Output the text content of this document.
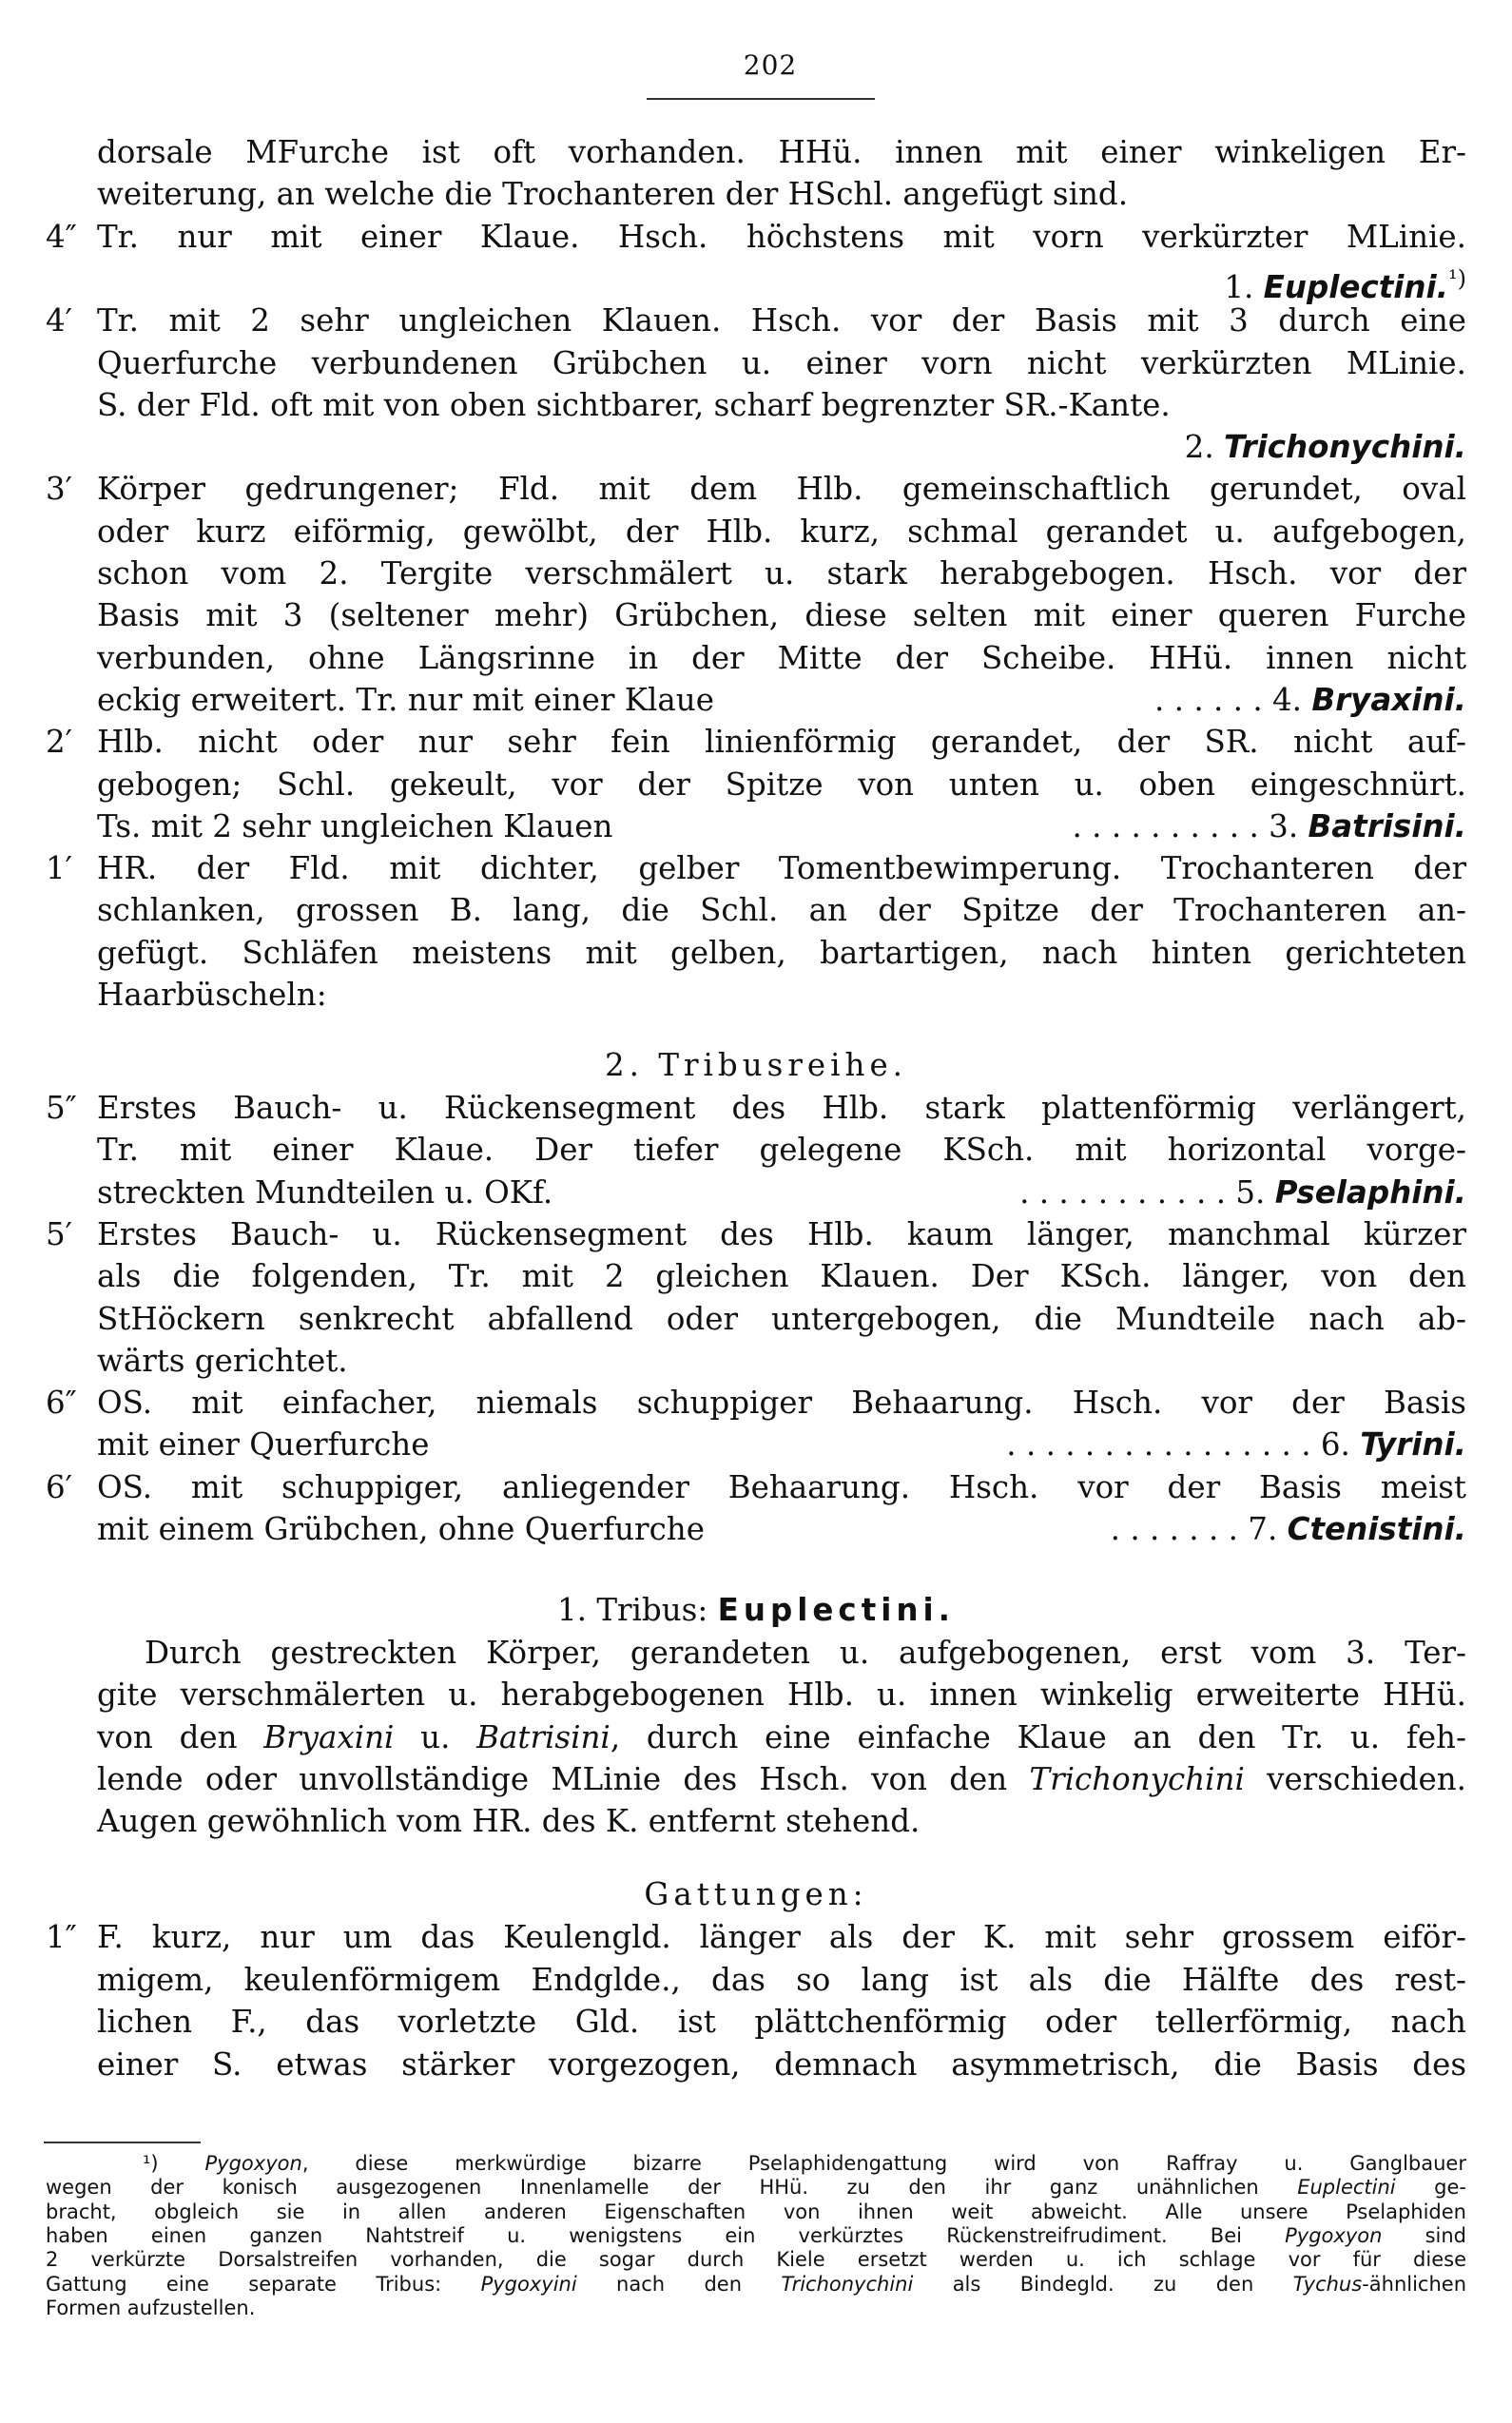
202
dorsale MFurche ist oft vorhanden. HHü. innen mit einer winkeligen Er-
weiterung, an welche die Trochanteren der HSchl. angefügt sind.
4″ Tr. nur mit einer Klaue. Hsch. höchstens mit vorn verkürzter MLinie.
1. Euplectini.$^{^1)}$
4′ Tr. mit 2 sehr ungleichen Klauen. Hsch. vor der Basis mit 3 durch eine
Querfurche verbundenen Grübchen u. einer vorn nicht verkürzten MLinie.
S. der Fld. oft mit von oben sichtbarer, scharf begrenzter SR.-Kante.
2. Trichonychini.
3′ Körper gedrungener; Fld. mit dem Hlb. gemeinschaftlich gerundet, oval
oder kurz eiförmig, gewölbt, der Hlb. kurz, schmal gerandet u. aufgebogen,
schon vom 2. Tergite verschmälert u. stark herabgebogen. Hsch. vor der
Basis mit 3 (seltener mehr) Grübchen, diese selten mit einer queren Furche
verbunden, ohne Längsrinne in der Mitte der Scheibe. HHü. innen nicht
eckig erweitert. Tr. nur mit einer Klaue	. . . . . . 4. Bryaxini.
2′ Hlb. nicht oder nur sehr fein linienförmig gerandet, der SR. nicht auf-
gebogen; Schl. gekeult, vor der Spitze von unten u. oben eingeschnürt.
Ts. mit 2 sehr ungleichen Klauen	. . . . . . . . . . 3. Batrisini.
1′ HR. der Fld. mit dichter, gelber Tomentbewimperung. Trochanteren der
schlanken, grossen B. lang, die Schl. an der Spitze der Trochanteren an-
gefügt. Schläfen meistens mit gelben, bartartigen, nach hinten gerichteten
Haarbüscheln:
2. Tribusreihe.
5″ Erstes Bauch- u. Rückensegment des Hlb. stark plattenförmig verlängert,
Tr. mit einer Klaue. Der tiefer gelegene KSch. mit horizontal vorge-
streckten Mundteilen u. OKf.	. . . . . . . . . . . 5. Pselaphini.
5′ Erstes Bauch- u. Rückensegment des Hlb. kaum länger, manchmal kürzer
als die folgenden, Tr. mit 2 gleichen Klauen. Der KSch. länger, von den
StHöckern senkrecht abfallend oder untergebogen, die Mundteile nach ab-
wärts gerichtet.
6″ OS. mit einfacher, niemals schuppiger Behaarung. Hsch. vor der Basis
mit einer Querfurche	. . . . . . . . . . . . . . . . 6. Tyrini.
6′ OS. mit schuppiger, anliegender Behaarung. Hsch. vor der Basis meist
mit einem Grübchen, ohne Querfurche	. . . . . . . 7. Ctenistini.
1. Tribus: Euplectini.
Durch gestreckten Körper, gerandeten u. aufgebogenen, erst vom 3. Ter-
gite verschmälerten u. herabgebogenen Hlb. u. innen winkelig erweiterte HHü.
von den Bryaxini u. Batrisini, durch eine einfache Klaue an den Tr. u. feh-
lende oder unvollständige MLinie des Hsch. von den Trichonychini verschieden.
Augen gewöhnlich vom HR. des K. entfernt stehend.
Gattungen:
1″ F. kurz, nur um das Keulengld. länger als der K. mit sehr grossem eiför-
migem, keulenförmigem Endglde., das so lang ist als die Hälfte des rest-
lichen F., das vorletzte Gld. ist plättchenförmig oder tellerförmig, nach
einer S. etwas stärker vorgezogen, demnach asymmetrisch, die Basis des
¹) Pygoxyon, diese merkwürdige bizarre Pselaphidengattung wird von Raffray u. Ganglbauer
wegen der konisch ausgezogenen Innenlamelle der HHü. zu den ihr ganz unähnlichen Euplectini ge-
bracht, obgleich sie in allen anderen Eigenschaften von ihnen weit abweicht. Alle unsere Pselaphiden
haben einen ganzen Nahtstreif u. wenigstens ein verkürztes Rückenstreifrudiment. Bei Pygoxyon sind
2 verkürzte Dorsalstreifen vorhanden, die sogar durch Kiele ersetzt werden u. ich schlage vor für diese
Gattung eine separate Tribus: Pygoxyini nach den Trichonychini als Bindegld. zu den Tychus-ähnlichen
Formen aufzustellen.
